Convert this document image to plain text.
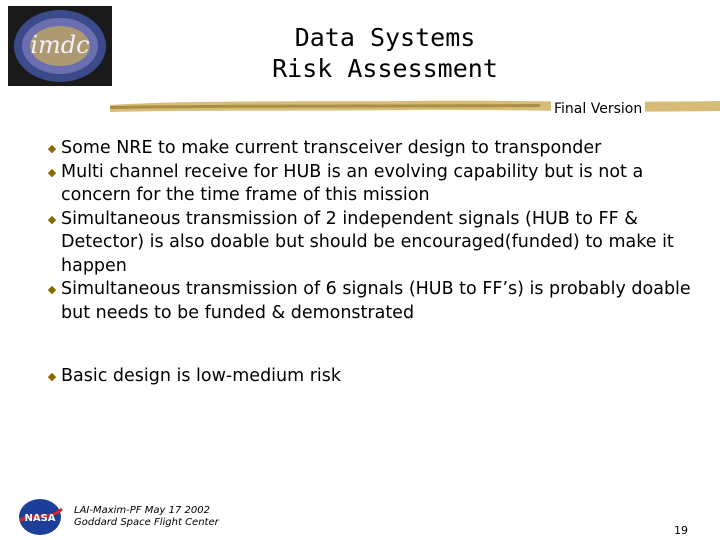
imdc	Data Systems
Risk Assessment
Final Version
◆ Some NRE to make current transceiver design to transponder
◆ Multi channel receive for HUB is an evolving capability but is not a concern for the time frame of this mission
◆ Simultaneous transmission of 2 independent signals (HUB to FF & Detector) is also doable but should be encouraged(funded) to make it happen
◆ Simultaneous transmission of 6 signals (HUB to FF’s) is probably doable but needs to be funded & demonstrated
◆ Basic design is low-medium risk
NASA
LAI-Maxim-PF May 17 2002
Goddard Space Flight Center
19
